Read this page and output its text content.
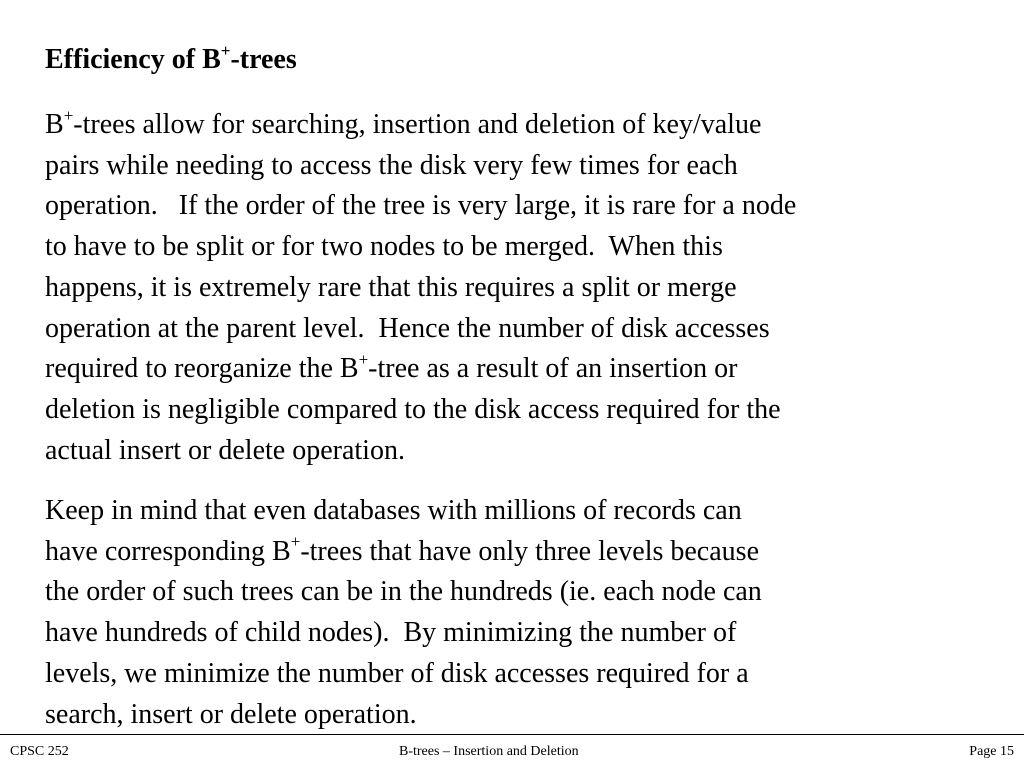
Efficiency of B+-trees
B+-trees allow for searching, insertion and deletion of key/value
pairs while needing to access the disk very few times for each
operation.   If the order of the tree is very large, it is rare for a node
to have to be split or for two nodes to be merged.  When this
happens, it is extremely rare that this requires a split or merge
operation at the parent level.  Hence the number of disk accesses
required to reorganize the B+-tree as a result of an insertion or
deletion is negligible compared to the disk access required for the
actual insert or delete operation.
Keep in mind that even databases with millions of records can
have corresponding B+-trees that have only three levels because
the order of such trees can be in the hundreds (ie. each node can
have hundreds of child nodes).  By minimizing the number of
levels, we minimize the number of disk accesses required for a
search, insert or delete operation.
CPSC 252	B-trees – Insertion and Deletion	Page 15
